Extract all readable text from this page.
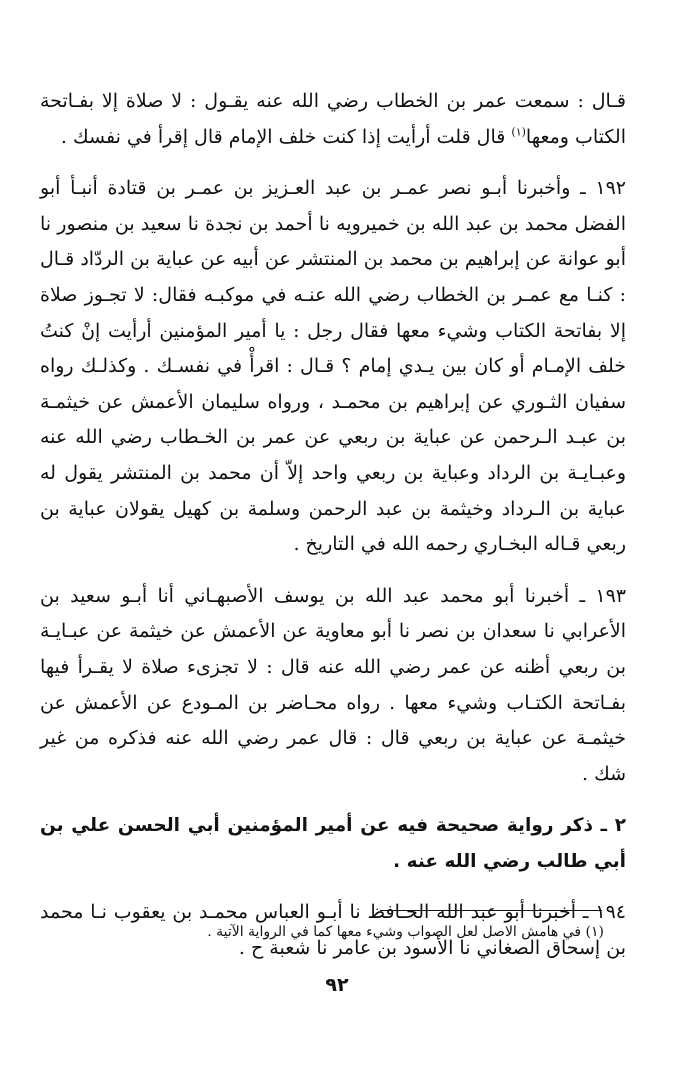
قـال : سمعت عمر بن الخطاب رضي الله عنه يقـول : لا صلاة إلا بفـاتحة الكتاب ومعها$^{(١)}$ قال قلت أرأيت إذا كنت خلف الإمام قال إقرأ في نفسك .

١٩٢ ـ وأخبرنا أبـو نصر عمـر بن عبد العـزيز بن عمـر بن قتادة أنبـأ أبو الفضل محمد بن عبد الله بن خميرويه نا أحمد بن نجدة نا سعيد بن منصور نا أبو عوانة عن إبراهيم بن محمد بن المنتشر عن أبيه عن عباية بن الردّاد قـال : كنـا مع عمـر بن الخطاب رضي الله عنـه في موكبـه فقال: لا تجـوز صلاة إلا بفاتحة الكتاب وشيء معها فقال رجل : يا أمير المؤمنين أرأيت إنْ كنتُ خلف الإمـام أو كان بين يـدي إمام ؟ قـال : اقرأْ في نفسـك . وكذلـك رواه سفيان الثـوري عن إبراهيم بن محمـد ، ورواه سليمان الأعمش عن خيثمـة بن عبـد الـرحمن عن عباية بن ربعي عن عمر بن الخـطاب رضي الله عنه وعبـايـة بن الرداد وعباية بن ربعي واحد إلاّ أن محمد بن المنتشر يقول له عباية بن الـرداد وخيثمة بن عبد الرحمن وسلمة بن كهيل يقولان عباية بن ربعي قـاله البخـاري رحمه الله في التاريخ .

١٩٣ ـ أخبرنا أبو محمد عبد الله بن يوسف الأصبهـاني أنا أبـو سعيد بن الأعرابي نا سعدان بن نصر نا أبو معاوية عن الأعمش عن خيثمة عن عبـايـة بن ربعي أظنه عن عمر رضي الله عنه قال : لا تجزىء صلاة لا يقـرأ فيها بفـاتحة الكتـاب وشيء معها . رواه محـاضر بن المـودع عن الأعمش عن خيثمـة عن عباية بن ربعي قال : قال عمر رضي الله عنه فذكره من غير شك .

٢ ـ ذكر رواية صحيحة فيه عن أمير المؤمنين أبي الحسن علي بن أبي طالب رضي الله عنه .

١٩٤ ـ أخبرنا أبو عبد الله الحـافظ نا أبـو العباس محمـد بن يعقوب نـا محمد بن إسحاق الصغاني نا الأسود بن عامر نا شعبة ح .

(١) في هامش الاصل لعل الصواب وشيء معها كما في الرواية الآتية .

٩٢
